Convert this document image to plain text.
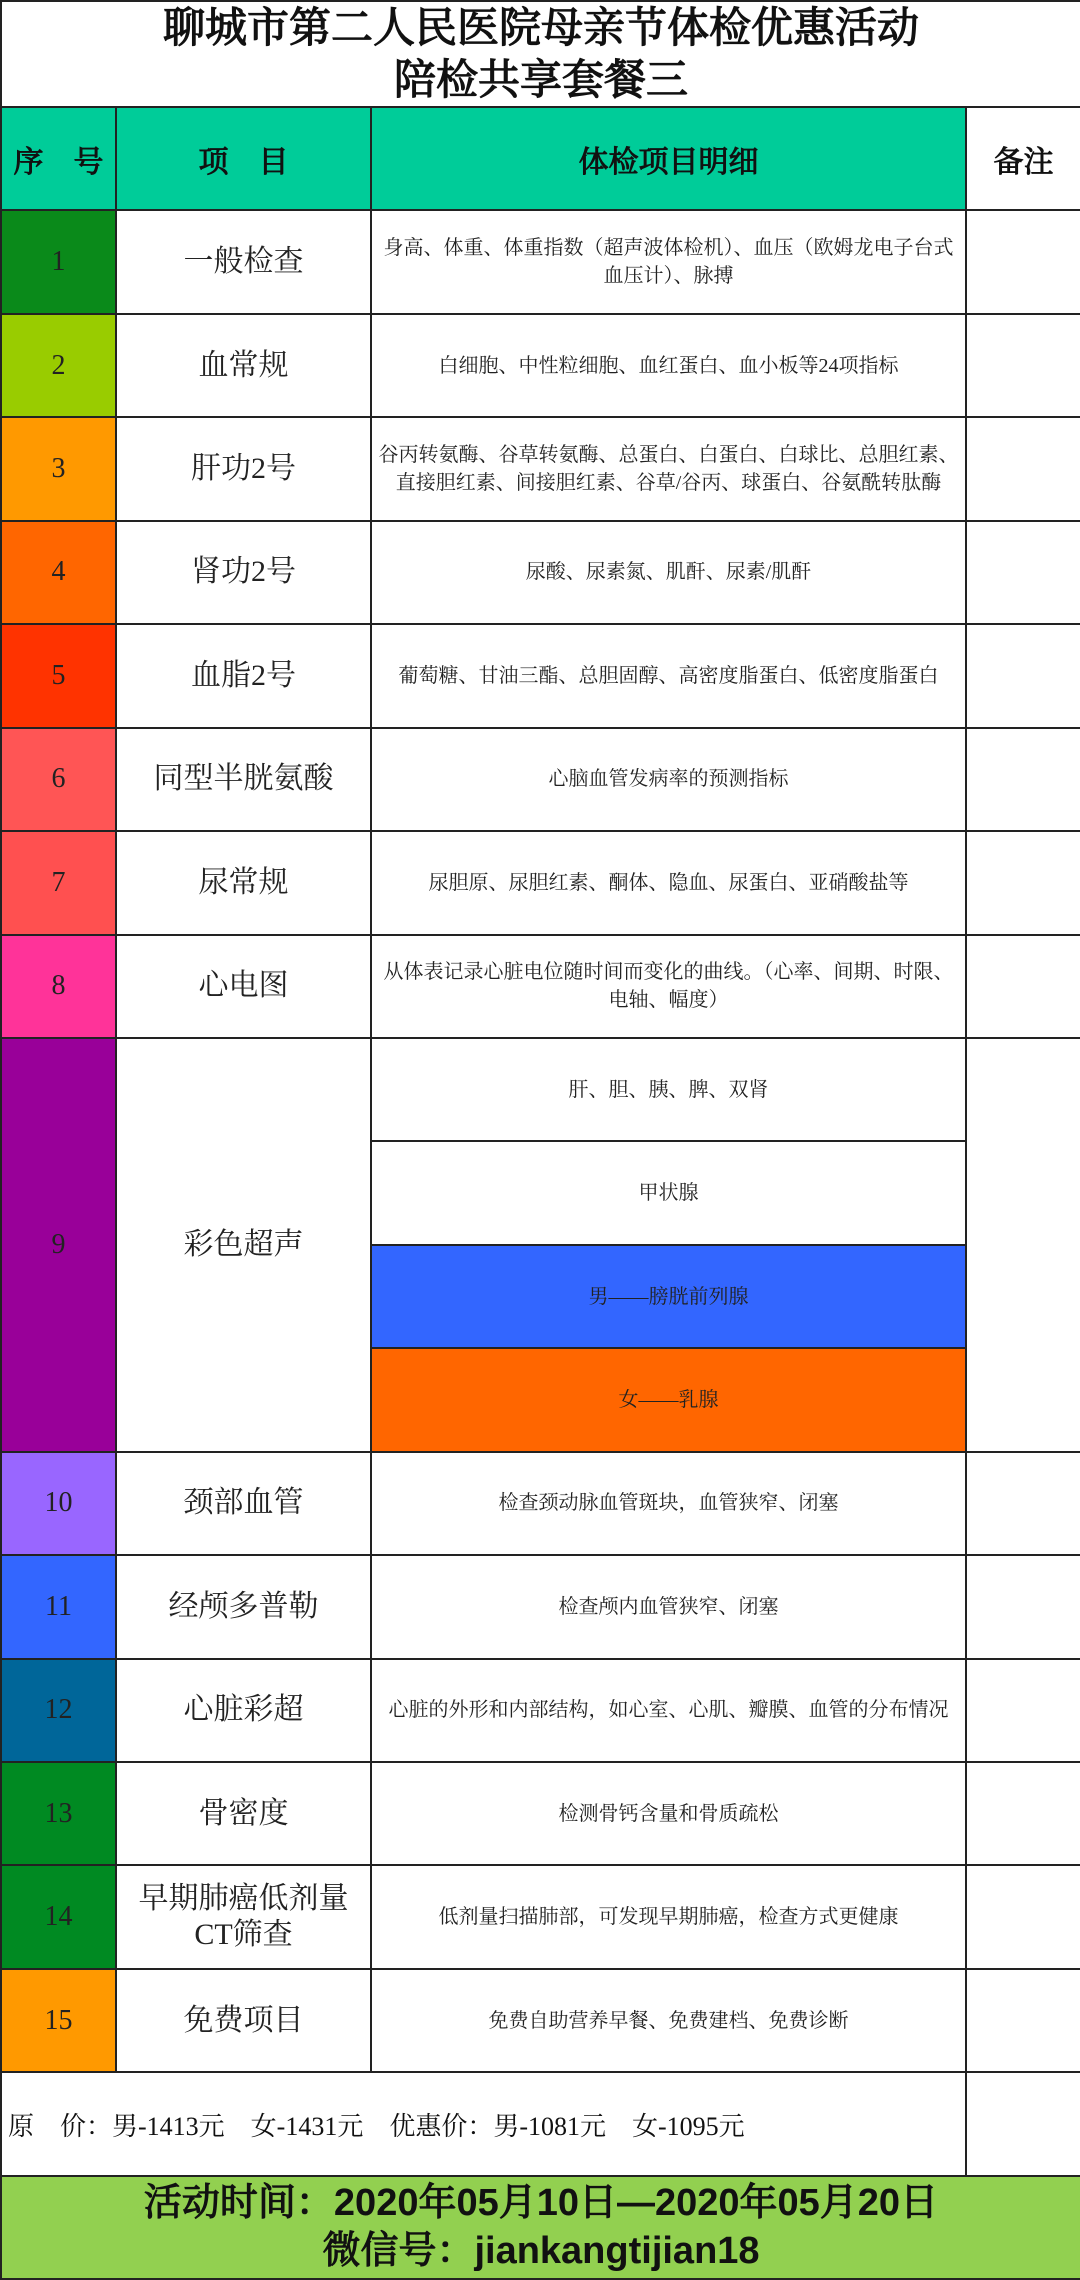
聊城市第二人民医院母亲节体检优惠活动
陪检共享套餐三			

序　号	项　目	体检项目明细	备注
1	一般检查	身高、体重、体重指数（超声波体检机）、血压（欧姆龙电子台式血压计）、脉搏	
2	血常规	白细胞、中性粒细胞、血红蛋白、血小板等24项指标	
3	肝功2号	谷丙转氨酶、谷草转氨酶、总蛋白、白蛋白、白球比、总胆红素、直接胆红素、间接胆红素、谷草/谷丙、球蛋白、谷氨酰转肽酶	
4	肾功2号	尿酸、尿素氮、肌酐、尿素/肌酐	
5	血脂2号	葡萄糖、甘油三酯、总胆固醇、高密度脂蛋白、低密度脂蛋白	
6	同型半胱氨酸	心脑血管发病率的预测指标	
7	尿常规	尿胆原、尿胆红素、酮体、隐血、尿蛋白、亚硝酸盐等	
8	心电图	从体表记录心脏电位随时间而变化的曲线。（心率、间期、时限、电轴、幅度）	
9	彩色超声	肝、胆、胰、脾、双肾	
		甲状腺	
		男——膀胱前列腺	
		女——乳腺	
10	颈部血管	检查颈动脉血管斑块，血管狭窄、闭塞	
11	经颅多普勒	检查颅内血管狭窄、闭塞	
12	心脏彩超	心脏的外形和内部结构，如心室、心肌、瓣膜、血管的分布情况	
13	骨密度	检测骨钙含量和骨质疏松	
14	早期肺癌低剂量CT筛查	低剂量扫描肺部，可发现早期肺癌，检查方式更健康	
15	免费项目	免费自助营养早餐、免费建档、免费诊断	
原　价：男-1413元　女-1431元　优惠价：男-1081元　女-1095元			

活动时间：2020年05月10日—2020年05月20日
微信号：jiankangtijian18			
